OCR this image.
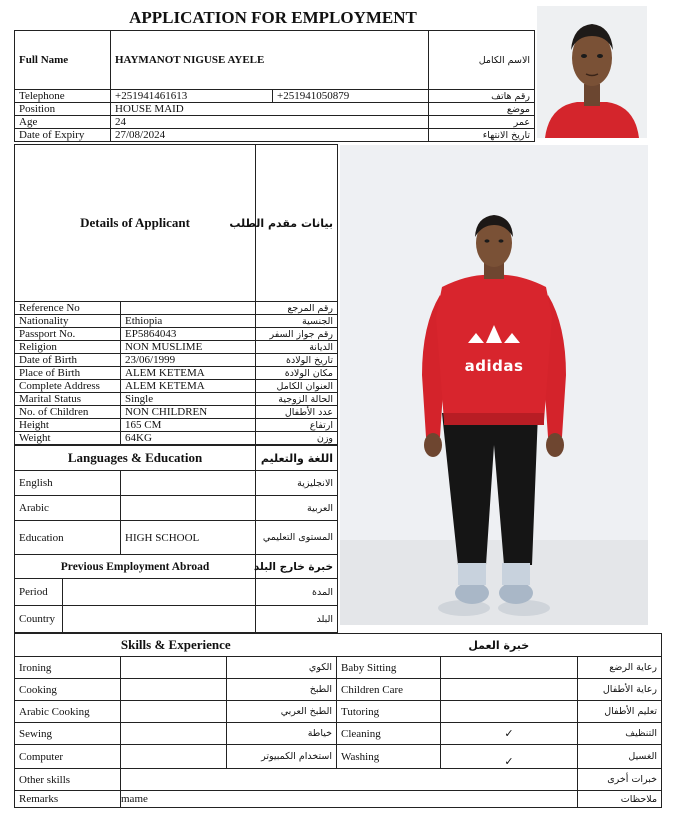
APPLICATION FOR EMPLOYMENT
Full Name	HAYMANOT NIGUSE AYELE		الاسم الكامل
Telephone	+251941461613	+251941050879	رقم هاتف
Position	HOUSE MAID		موضع
Age	24		عمر
Date of Expiry	27/08/2024		تاريخ الانتهاء
Details of Applicant		بيانات مقدم الطلب
Reference No		رقم المرجع
Nationality	Ethiopia	الجنسية
Passport No.	EP5864043	رقم جواز السفر
Religion	NON MUSLIME	الديانة
Date of Birth	23/06/1999	تاريخ الولادة
Place of Birth	ALEM KETEMA	مكان الولادة
Complete Address	ALEM KETEMA	العنوان الكامل
Marital Status	Single	الحالة الزوجية
No. of Children	NON CHILDREN	عدد الأطفال
Height	165 CM	ارتفاع
Weight	64KG	وزن
Languages & Education		اللغة والتعليم
English		الانجليزية
Arabic		العربية
Education	HIGH SCHOOL	المستوى التعليمي
Previous Employment Abroad		خبرة خارج البلد
Period		المدة
Country		البلد
adidas
Skills & Experience			خبرة العمل		
Ironing		الكوي	Baby Sitting		رعاية الرضع
Cooking		الطبخ	Children Care		رعاية الأطفال
Arabic Cooking		الطبخ العربي	Tutoring		تعليم الأطفال
Sewing		خياطة	Cleaning	✓	التنظيف
Computer		استخدام الكمبيوتر	Washing	✓	الغسيل
Other skills					خبرات أخرى
Remarks	mame				ملاحظات
